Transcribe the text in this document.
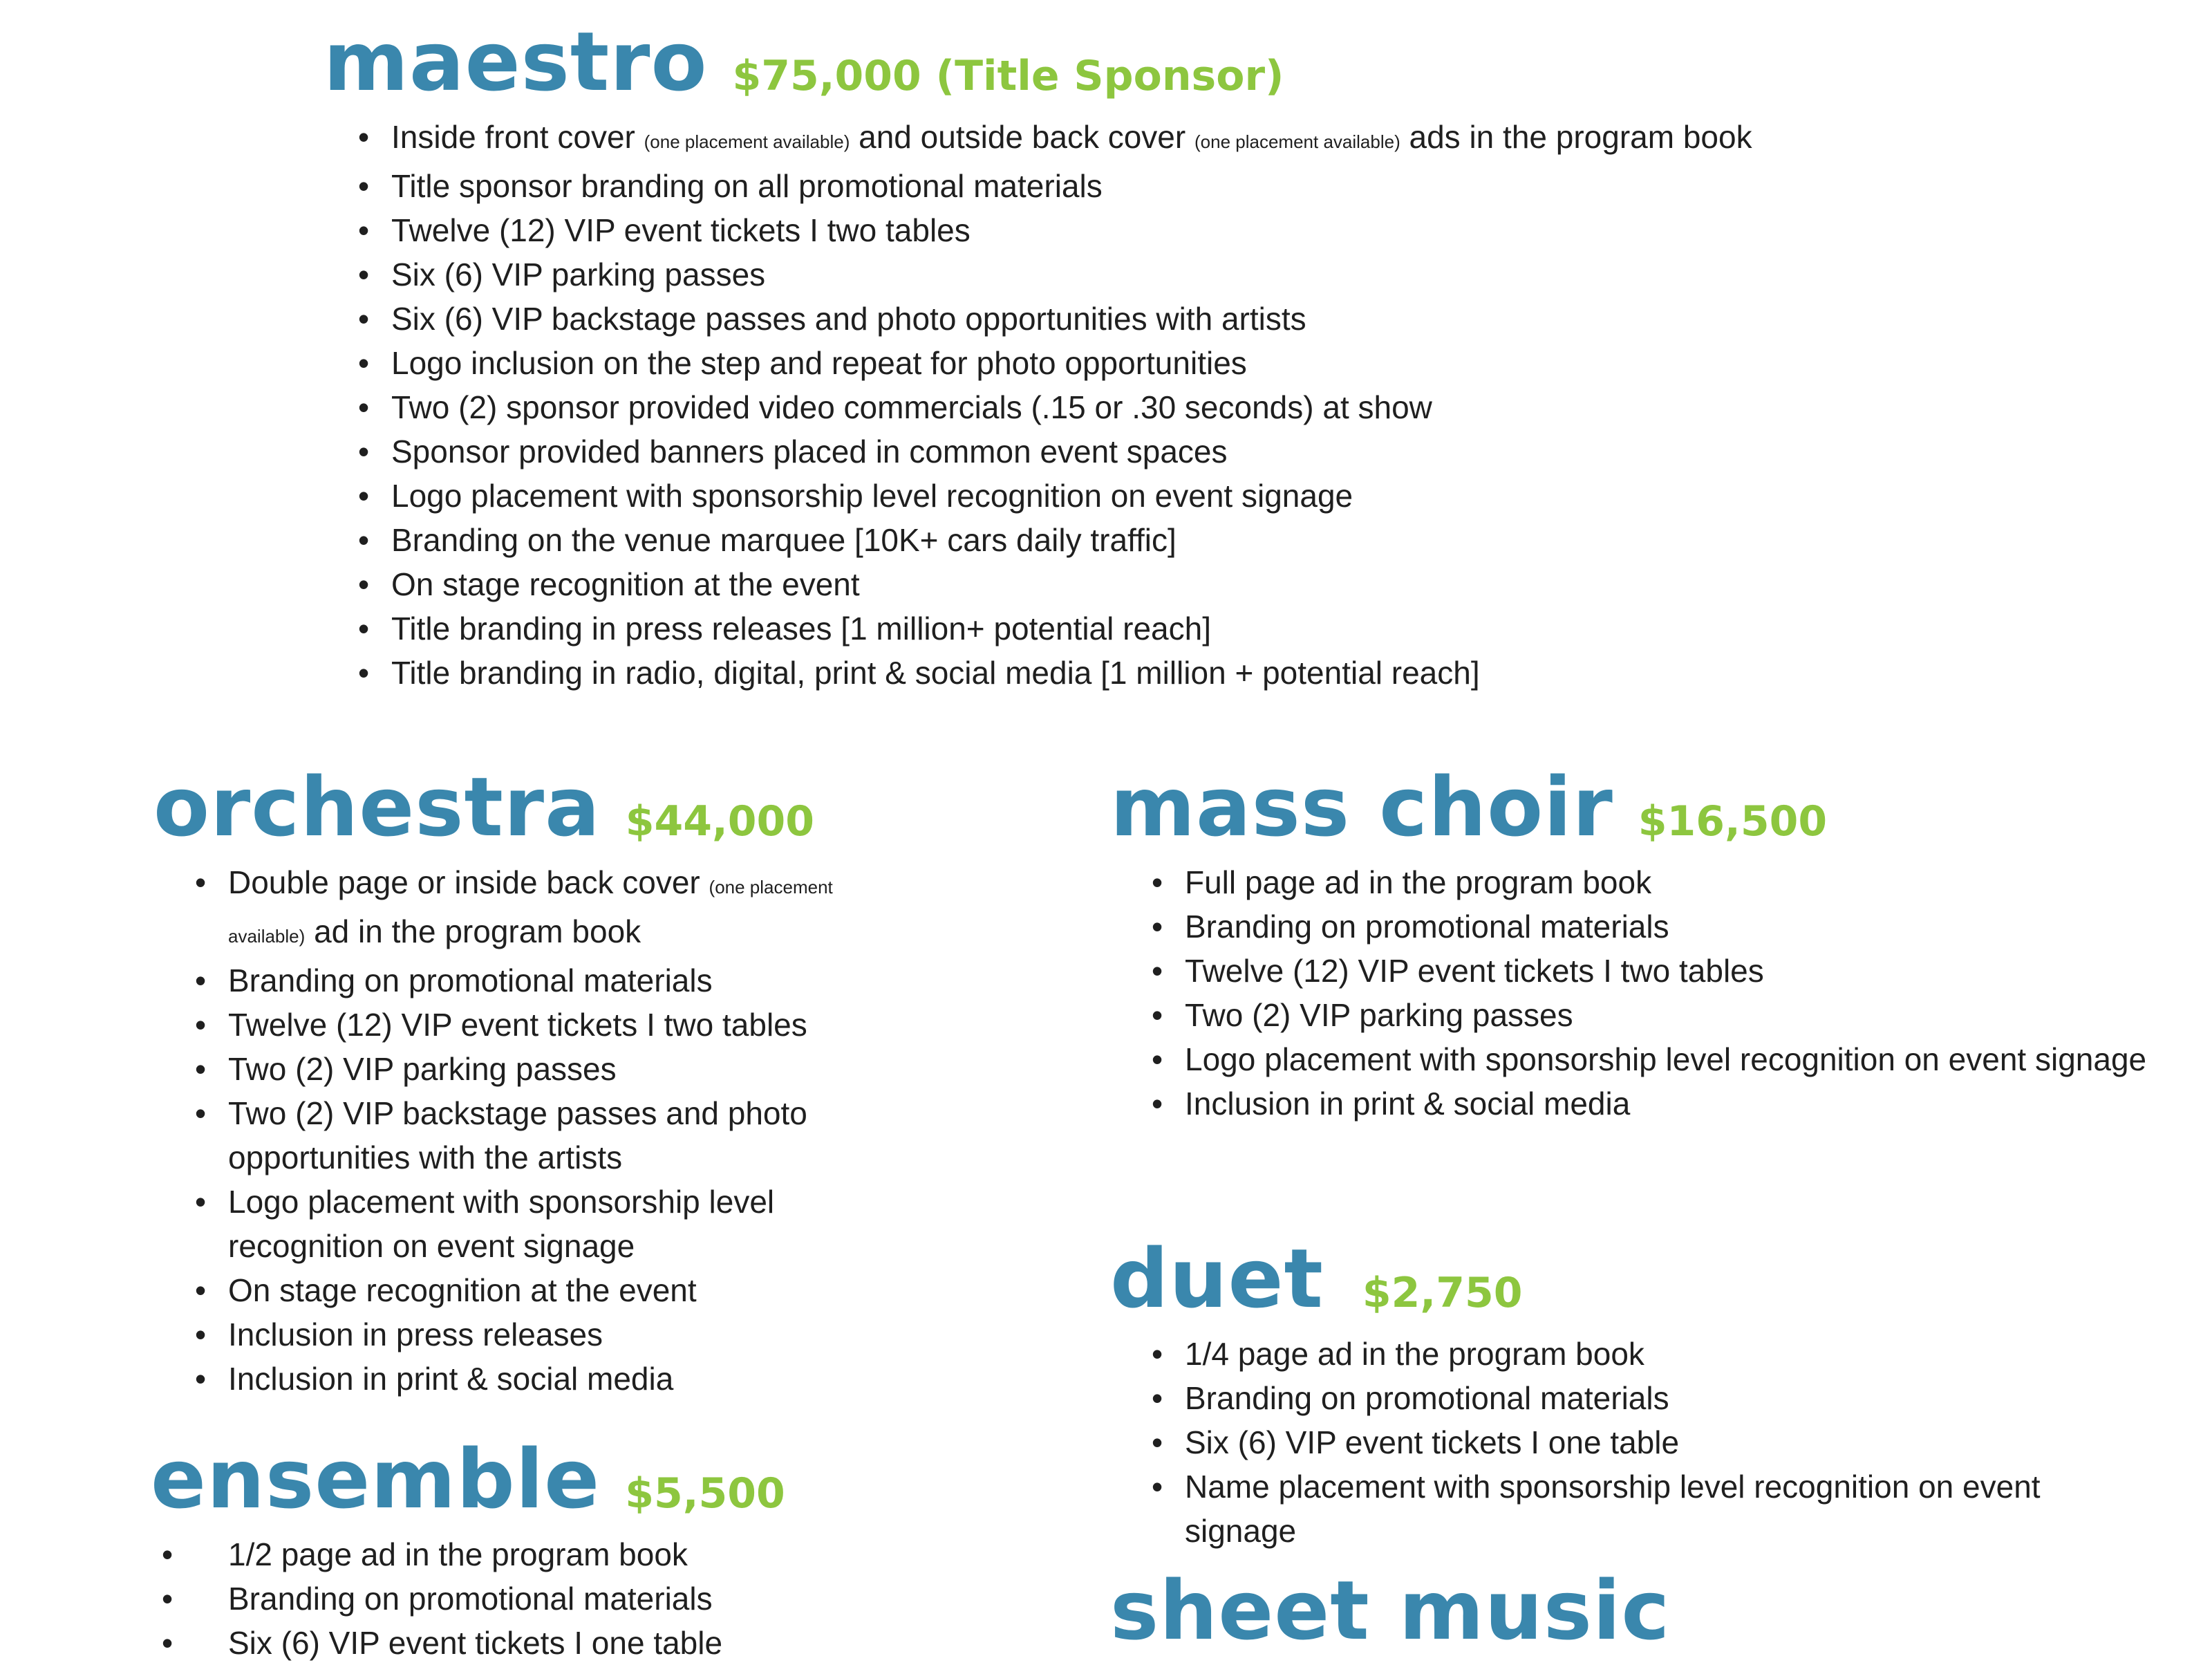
maestro $75,000 (Title Sponsor)
• Inside front cover (one placement available) and outside back cover (one placement available) ads in the program book
• Title sponsor branding on all promotional materials
• Twelve (12) VIP event tickets I two tables
• Six (6) VIP parking passes
• Six (6) VIP backstage passes and photo opportunities with artists
• Logo inclusion on the step and repeat for photo opportunities
• Two (2) sponsor provided video commercials (.15 or .30 seconds) at show
• Sponsor provided banners placed in common event spaces
• Logo placement with sponsorship level recognition on event signage
• Branding on the venue marquee [10K+ cars daily traffic]
• On stage recognition at the event
• Title branding in press releases [1 million+ potential reach]
• Title branding in radio, digital, print & social media [1 million + potential reach]
orchestra $44,000
• Double page or inside back cover (one placement available) ad in the program book
• Branding on promotional materials
• Twelve (12) VIP event tickets I two tables
• Two (2) VIP parking passes
• Two (2) VIP backstage passes and photo opportunities with the artists
• Logo placement with sponsorship level recognition on event signage
• On stage recognition at the event
• Inclusion in press releases
• Inclusion in print & social media
mass choir $16,500
• Full page ad in the program book
• Branding on promotional materials
• Twelve (12) VIP event tickets I two tables
• Two (2) VIP parking passes
• Logo placement with sponsorship level recognition on event signage
• Inclusion in print & social media
duet $2,750
• 1/4 page ad in the program book
• Branding on promotional materials
• Six (6) VIP event tickets I one table
• Name placement with sponsorship level recognition on event signage
ensemble $5,500
• 1/2 page ad in the program book
• Branding on promotional materials
• Six (6) VIP event tickets I one table	sheet music
